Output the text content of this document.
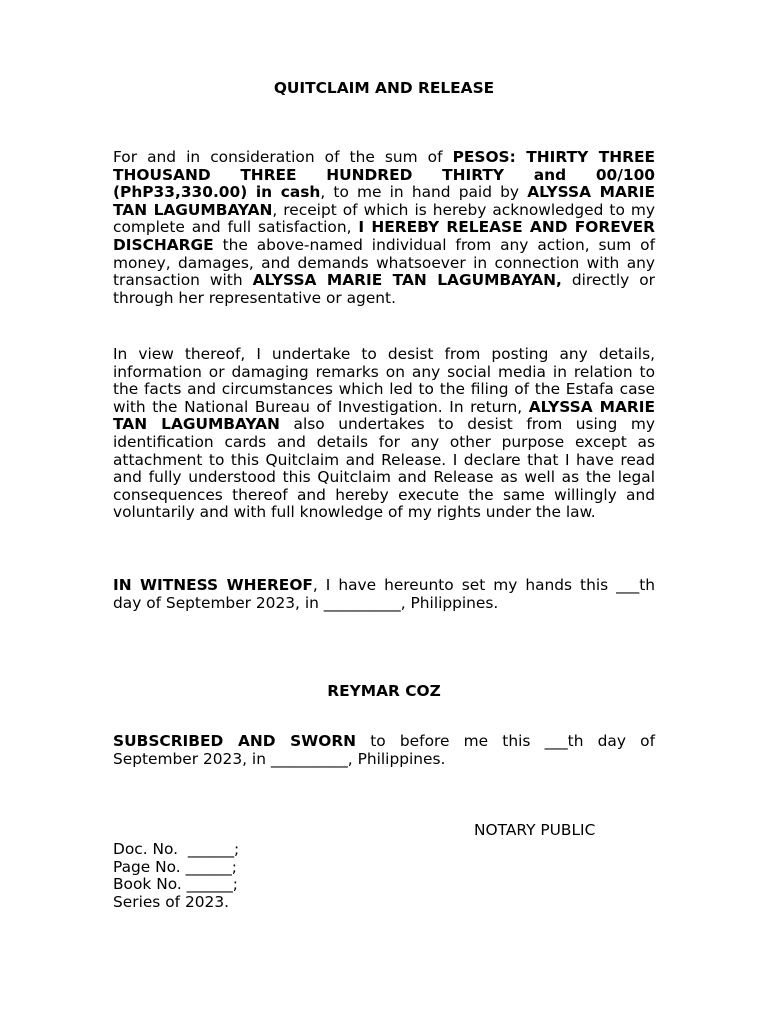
QUITCLAIM AND RELEASE

For and in consideration of the sum of PESOS: THIRTY THREE THOUSAND THREE HUNDRED THIRTY and 00/100 (PhP33,330.00) in cash, to me in hand paid by ALYSSA MARIE TAN LAGUMBAYAN, receipt of which is hereby acknowledged to my complete and full satisfaction, I HEREBY RELEASE AND FOREVER DISCHARGE the above-named individual from any action, sum of money, damages, and demands whatsoever in connection with any transaction with ALYSSA MARIE TAN LAGUMBAYAN, directly or through her representative or agent.

In view thereof, I undertake to desist from posting any details, information or damaging remarks on any social media in relation to the facts and circumstances which led to the filing of the Estafa case with the National Bureau of Investigation. In return, ALYSSA MARIE TAN LAGUMBAYAN also undertakes to desist from using my identification cards and details for any other purpose except as attachment to this Quitclaim and Release. I declare that I have read and fully understood this Quitclaim and Release as well as the legal consequences thereof and hereby execute the same willingly and voluntarily and with full knowledge of my rights under the law.

IN WITNESS WHEREOF, I have hereunto set my hands this ___th day of September 2023, in __________, Philippines.

REYMAR COZ

SUBSCRIBED AND SWORN to before me this ___th day of September 2023, in __________, Philippines.

NOTARY PUBLIC
Doc. No.  ______;
Page No. ______;
Book No. ______;
Series of 2023.
